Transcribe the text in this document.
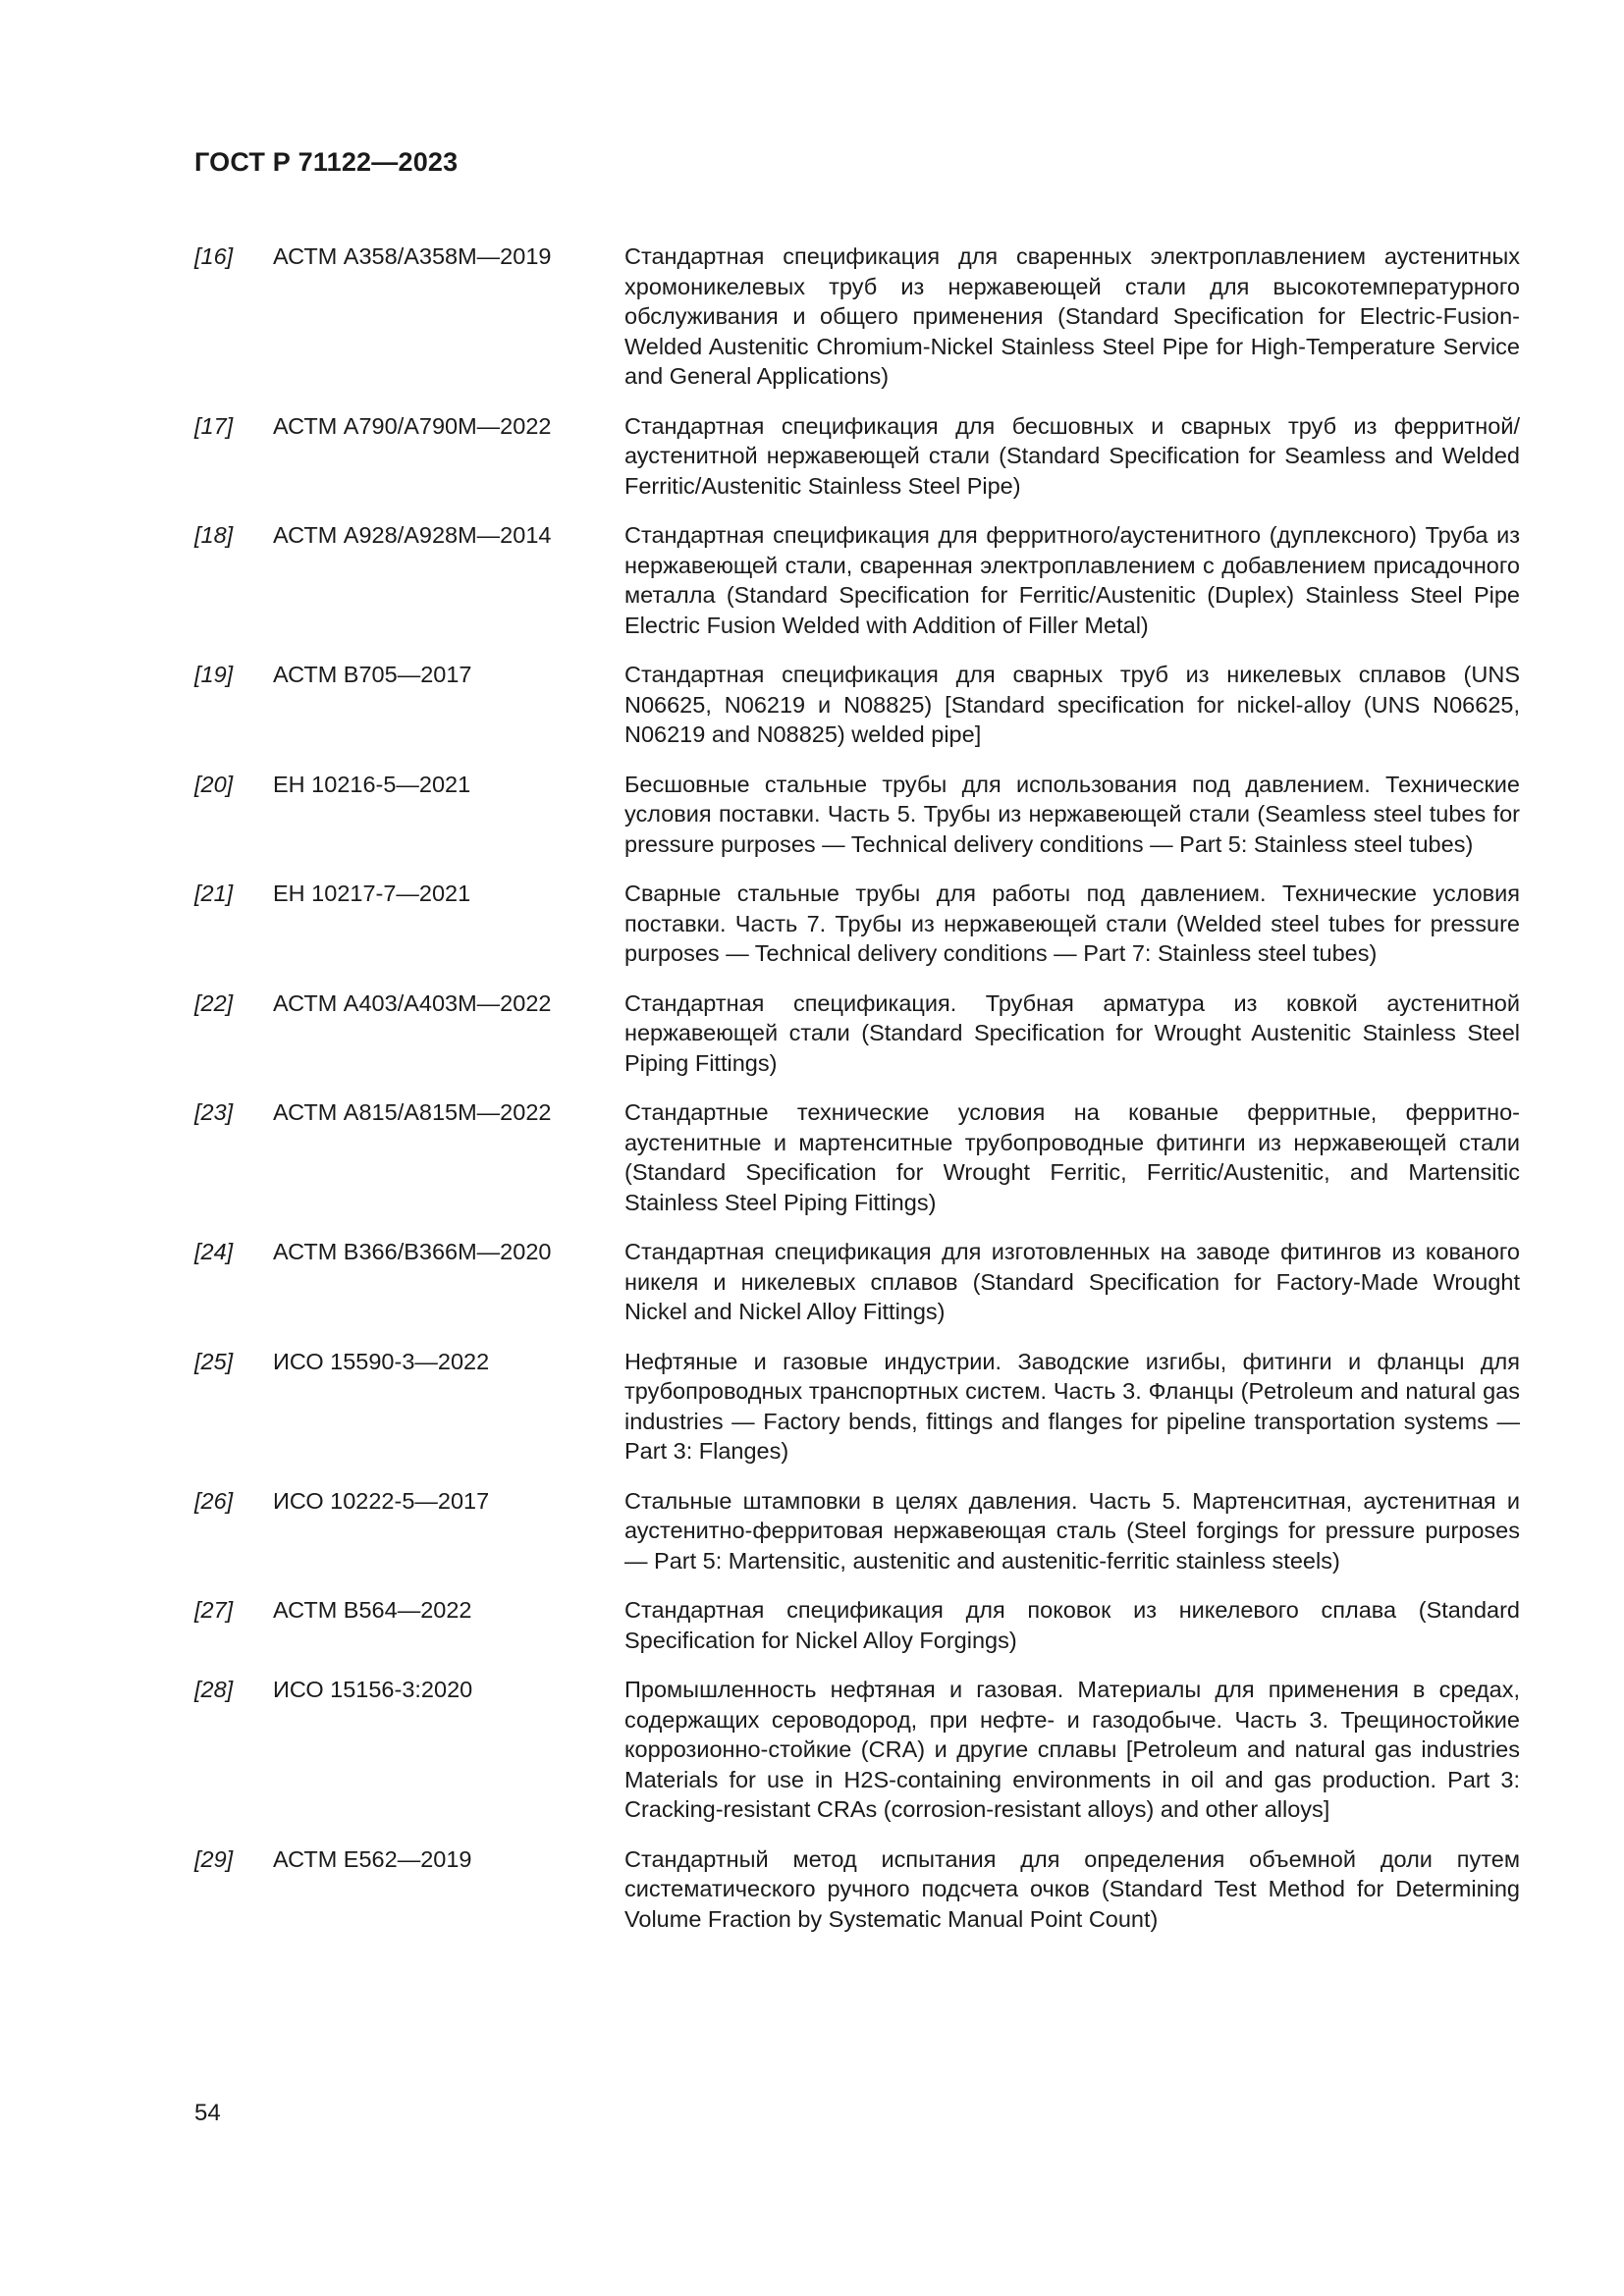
ГОСТ Р 71122—2023
[16]	АСТМ A358/A358M—2019	Стандартная спецификация для сваренных электроплавлением аустенитных хромоникелевых труб из нержавеющей стали для высокотемпературного обслуживания и общего применения (Standard Specification for Electric-Fusion-Welded Austenitic Chromium-Nickel Stainless Steel Pipe for High-Temperature Service and General Applications)
[17]	АСТМ A790/A790M—2022	Стандартная спецификация для бесшовных и сварных труб из ферритной/аустенитной нержавеющей стали (Standard Specification for Seamless and Welded Ferritic/Austenitic Stainless Steel Pipe)
[18]	АСТМ A928/A928M—2014	Стандартная спецификация для ферритного/аустенитного (дуплексного) Труба из нержавеющей стали, сваренная электроплавлением с добавлением присадочного металла (Standard Specification for Ferritic/Austenitic (Duplex) Stainless Steel Pipe Electric Fusion Welded with Addition of Filler Metal)
[19]	АСТМ B705—2017	Стандартная спецификация для сварных труб из никелевых сплавов (UNS N06625, N06219 и N08825) [Standard specification for nickel-alloy (UNS N06625, N06219 and N08825) welded pipe]
[20]	ЕН 10216-5—2021	Бесшовные стальные трубы для использования под давлением. Технические условия поставки. Часть 5. Трубы из нержавеющей стали (Seamless steel tubes for pressure purposes — Technical delivery conditions — Part 5: Stainless steel tubes)
[21]	ЕН 10217-7—2021	Сварные стальные трубы для работы под давлением. Технические условия поставки. Часть 7. Трубы из нержавеющей стали (Welded steel tubes for pressure purposes — Technical delivery conditions — Part 7: Stainless steel tubes)
[22]	АСТМ A403/A403M—2022	Стандартная спецификация. Трубная арматура из ковкой аустенитной нержавеющей стали (Standard Specification for Wrought Austenitic Stainless Steel Piping Fittings)
[23]	АСТМ A815/A815M—2022	Стандартные технические условия на кованые ферритные, ферритно-аустенитные и мартенситные трубопроводные фитинги из нержавеющей стали (Standard Specification for Wrought Ferritic, Ferritic/Austenitic, and Martensitic Stainless Steel Piping Fittings)
[24]	АСТМ B366/B366M—2020	Стандартная спецификация для изготовленных на заводе фитингов из кованого никеля и никелевых сплавов (Standard Specification for Factory-Made Wrought Nickel and Nickel Alloy Fittings)
[25]	ИСО 15590-3—2022	Нефтяные и газовые индустрии. Заводские изгибы, фитинги и фланцы для трубопроводных транспортных систем. Часть 3. Фланцы (Petroleum and natural gas industries — Factory bends, fittings and flanges for pipeline transportation systems — Part 3: Flanges)
[26]	ИСО 10222-5—2017	Стальные штамповки в целях давления. Часть 5. Мартенситная, аустенитная и аустенитно-ферритовая нержавеющая сталь (Steel forgings for pressure purposes — Part 5: Martensitic, austenitic and austenitic-ferritic stainless steels)
[27]	АСТМ B564—2022	Стандартная спецификация для поковок из никелевого сплава (Standard Specification for Nickel Alloy Forgings)
[28]	ИСО 15156-3:2020	Промышленность нефтяная и газовая. Материалы для применения в средах, содержащих сероводород, при нефте- и газодобыче. Часть 3. Трещиностойкие коррозионно-стойкие (CRA) и другие сплавы [Petroleum and natural gas industries Materials for use in H2S-containing environments in oil and gas production. Part 3: Cracking-resistant CRAs (corrosion-resistant alloys) and other alloys]
[29]	АСТМ E562—2019	Стандартный метод испытания для определения объемной доли путем систематического ручного подсчета очков (Standard Test Method for Determining Volume Fraction by Systematic Manual Point Count)
54
